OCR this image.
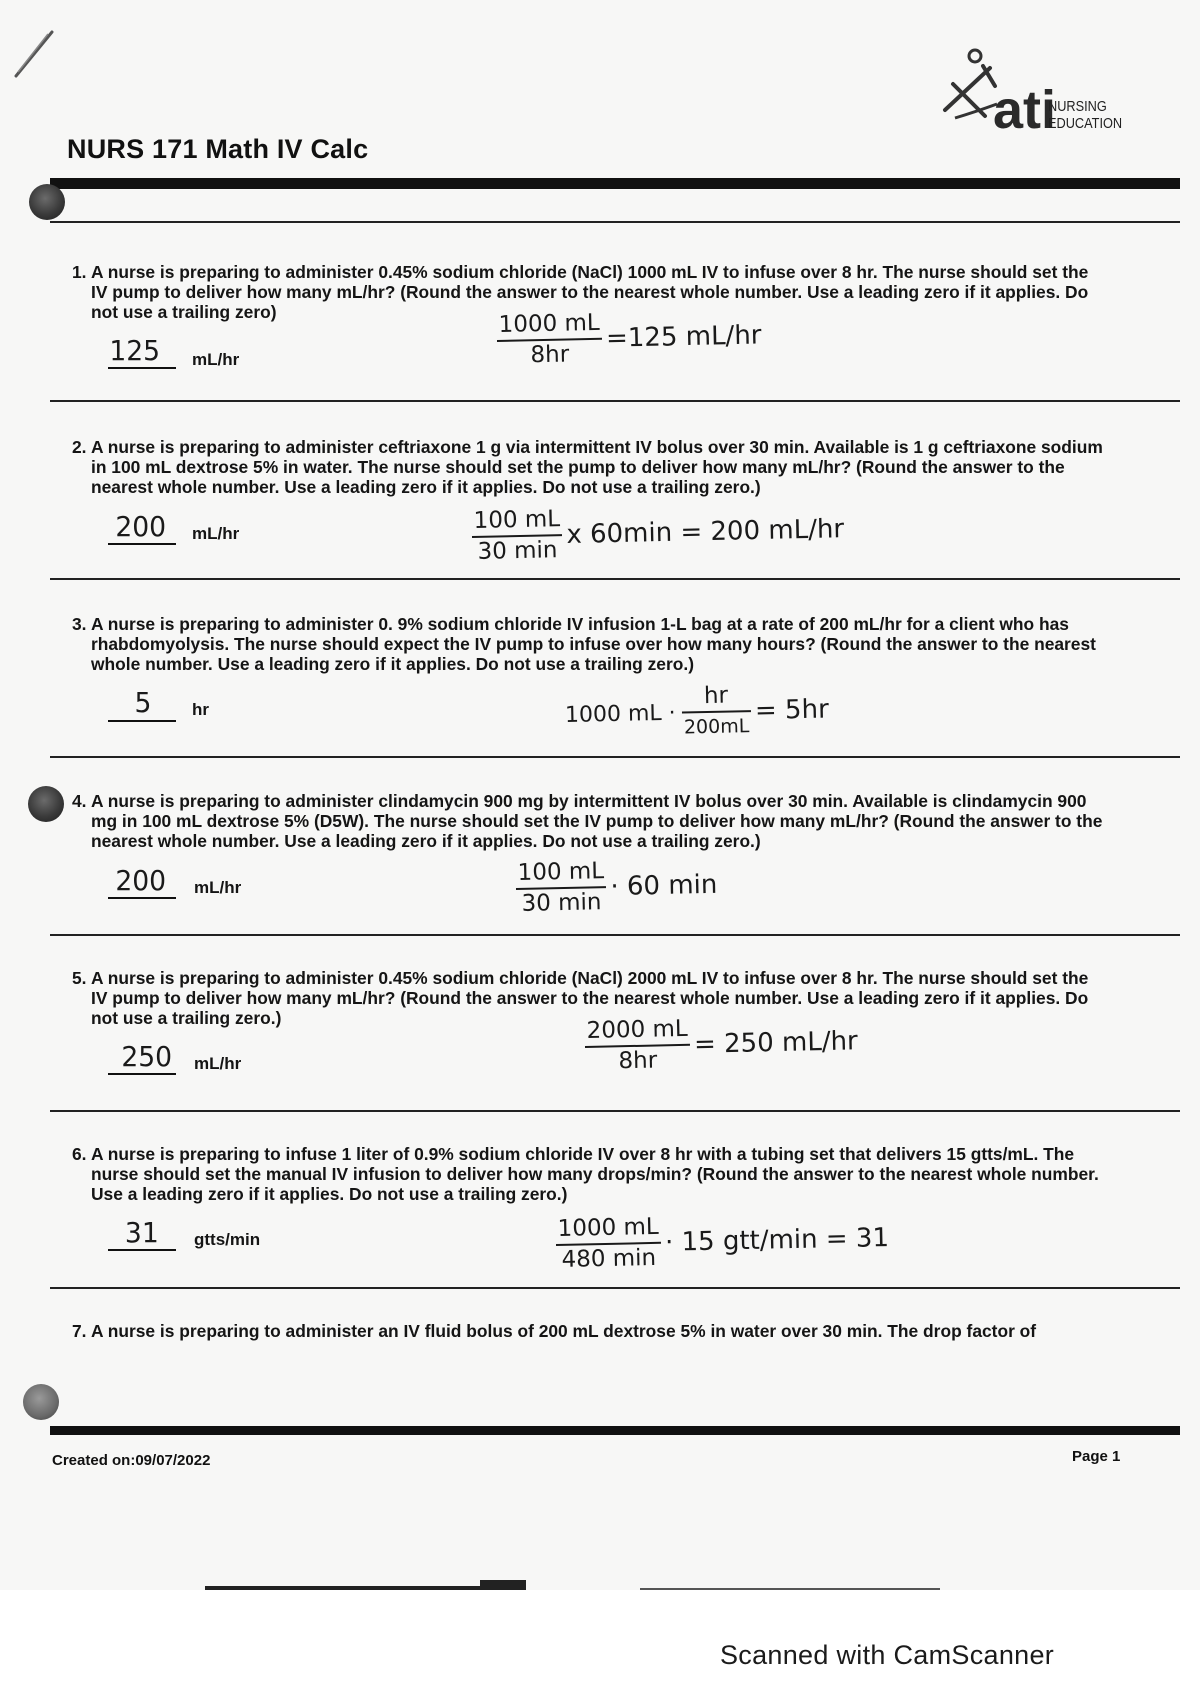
NURS 171 Math IV Calc
ati
NURSING
EDUCATION

1. A nurse is preparing to administer 0.45% sodium chloride (NaCl) 1000 mL IV to infuse over 8 hr. The nurse should set the IV pump to deliver how many mL/hr? (Round the answer to the nearest whole number. Use a leading zero if it applies. Do not use a trailing zero)

125 mL/hr
1000 mL
8hr
=125 mL/hr

2. A nurse is preparing to administer ceftriaxone 1 g via intermittent IV bolus over 30 min. Available is 1 g ceftriaxone sodium in 100 mL dextrose 5% in water. The nurse should set the pump to deliver how many mL/hr? (Round the answer to the nearest whole number. Use a leading zero if it applies. Do not use a trailing zero.)

200 mL/hr	$\frac{100 mL}{30 \min}$ x 60min = 200 mL/hr

3. A nurse is preparing to administer 0. 9% sodium chloride IV infusion 1-L bag at a rate of 200 mL/hr for a client who has rhabdomyolysis. The nurse should expect the IV pump to infuse over how many hours? (Round the answer to the nearest whole number. Use a leading zero if it applies. Do not use a trailing zero.)

5 hr	1000 mL · $\frac{hr}{200mL} = 5hr$

4. A nurse is preparing to administer clindamycin 900 mg by intermittent IV bolus over 30 min. Available is clindamycin 900 mg in 100 mL dextrose 5% (D5W). The nurse should set the IV pump to deliver how many mL/hr? (Round the answer to the nearest whole number. Use a leading zero if it applies. Do not use a trailing zero.)

200 mL/hr	$\frac{100 mL}{30 \min} \cdot 60$ min

5. A nurse is preparing to administer 0.45% sodium chloride (NaCl) 2000 mL IV to infuse over 8 hr. The nurse should set the IV pump to deliver how many mL/hr? (Round the answer to the nearest whole number. Use a leading zero if it applies. Do not use a trailing zero.)

250 mL/hr
2000 mL
8hr
= 250 mL/hr

6. A nurse is preparing to infuse 1 liter of 0.9% sodium chloride IV over 8 hr with a tubing set that delivers 15 gtts/mL. The nurse should set the manual IV infusion to deliver how many drops/min? (Round the answer to the nearest whole number. Use a leading zero if it applies. Do not use a trailing zero.)

31 gtts/min	1000 mL
480 min
· 15 gtt/min = 31

7. A nurse is preparing to administer an IV fluid bolus of 200 mL dextrose 5% in water over 30 min. The drop factor of

Created on:09/07/2022	Page 1
Scanned with CamScanner
